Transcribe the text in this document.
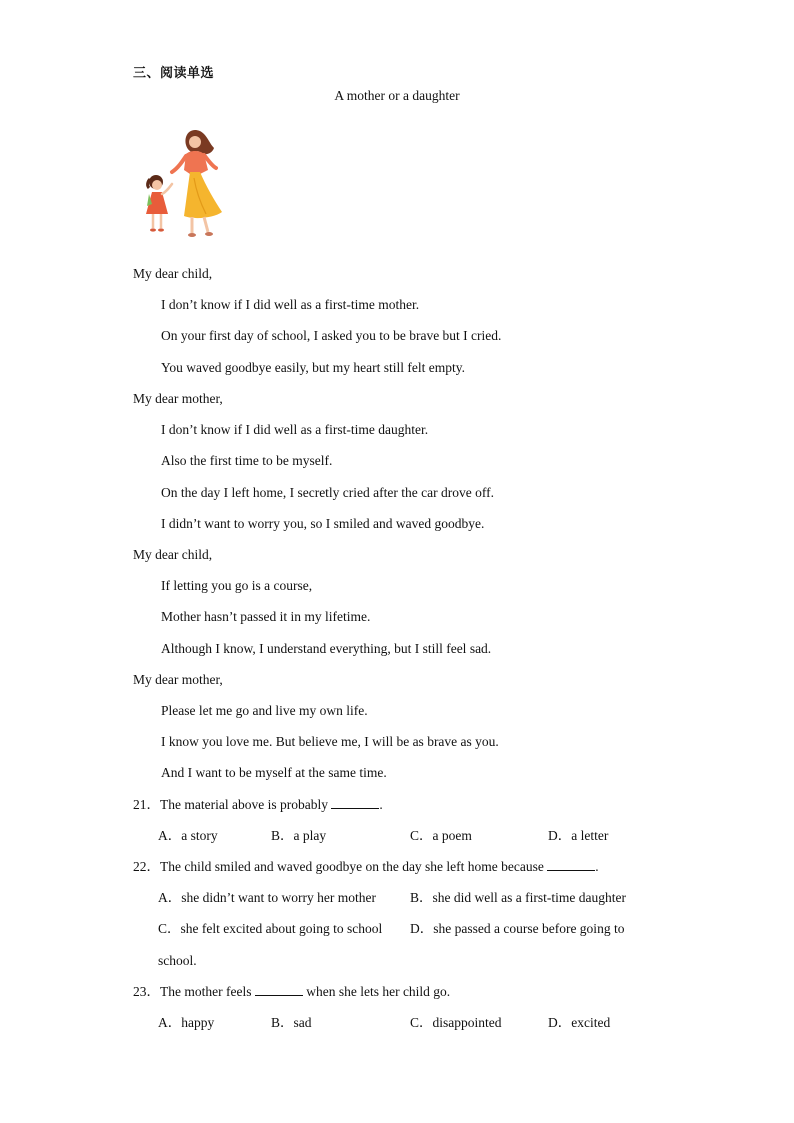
三、阅读单选
A mother or a daughter
My dear child,
I don’t know if I did well as a first-time mother.
On your first day of school, I asked you to be brave but I cried.
You waved goodbye easily, but my heart still felt empty.
My dear mother,
I don’t know if I did well as a first-time daughter.
Also the first time to be myself.
On the day I left home, I secretly cried after the car drove off.
I didn’t want to worry you, so I smiled and waved goodbye.
My dear child,
If letting you go is a course,
Mother hasn’t passed it in my lifetime.
Although I know, I understand everything, but I still feel sad.
My dear mother,
Please let me go and live my own life.
I know you love me. But believe me, I will be as brave as you.
And I want to be myself at the same time.
21．The material above is probably	.
A．a story	B．a play	C．a poem	D．a letter
22．The child smiled and waved goodbye on the day she left home because	.
A．she didn’t want to worry her mother	B．she did well as a first-time daughter
C．she felt excited about going to school D．she passed a course before going to
school.
23．The mother feels	when she lets her child go.
A．happy	B．sad	C．disappointed	D．excited
